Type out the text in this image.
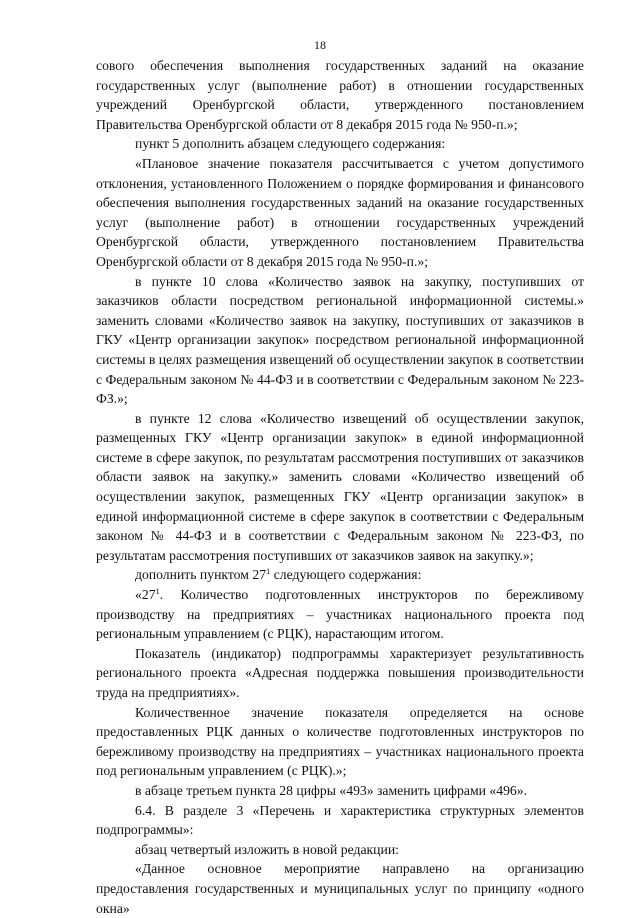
18

сового обеспечения выполнения государственных заданий на оказание государственных услуг (выполнение работ) в отношении государственных учреждений Оренбургской области, утвержденного постановлением Правительства Оренбургской области от 8 декабря 2015 года № 950-п.»;

пункт 5 дополнить абзацем следующего содержания:

«Плановое значение показателя рассчитывается с учетом допустимого отклонения, установленного Положением о порядке формирования и финансового обеспечения выполнения государственных заданий на оказание государственных услуг (выполнение работ) в отношении государственных учреждений Оренбургской области, утвержденного постановлением Правительства Оренбургской области от 8 декабря 2015 года № 950-п.»;

в пункте 10 слова «Количество заявок на закупку, поступивших от заказчиков области посредством региональной информационной системы.» заменить словами «Количество заявок на закупку, поступивших от заказчиков в ГКУ «Центр организации закупок» посредством региональной информационной системы в целях размещения извещений об осуществлении закупок в соответствии с Федеральным законом № 44-ФЗ и в соответствии с Федеральным законом № 223-ФЗ.»;

в пункте 12 слова «Количество извещений об осуществлении закупок, размещенных ГКУ «Центр организации закупок» в единой информационной системе в сфере закупок, по результатам рассмотрения поступивших от заказчиков области заявок на закупку.» заменить словами «Количество извещений об осуществлении закупок, размещенных ГКУ «Центр организации закупок» в единой информационной системе в сфере закупок в соответствии с Федеральным законом № 44-ФЗ и в соответствии с Федеральным законом № 223-ФЗ, по результатам рассмотрения поступивших от заказчиков заявок на закупку.»;

дополнить пунктом $27^1$ следующего содержания:

«$27^1$. Количество подготовленных инструкторов по бережливому производству на предприятиях – участниках национального проекта под региональным управлением (с РЦК), нарастающим итогом.

Показатель (индикатор) подпрограммы характеризует результативность регионального проекта «Адресная поддержка повышения производительности труда на предприятиях».

Количественное значение показателя определяется на основе предоставленных РЦК данных о количестве подготовленных инструкторов по бережливому производству на предприятиях – участниках национального проекта под региональным управлением (с РЦК).»;

в абзаце третьем пункта 28 цифры «493» заменить цифрами «496».

6.4. В разделе 3 «Перечень и характеристика структурных элементов подпрограммы»:

абзац четвертый изложить в новой редакции:

«Данное основное мероприятие направлено на организацию предоставления государственных и муниципальных услуг по принципу «одного окна»
